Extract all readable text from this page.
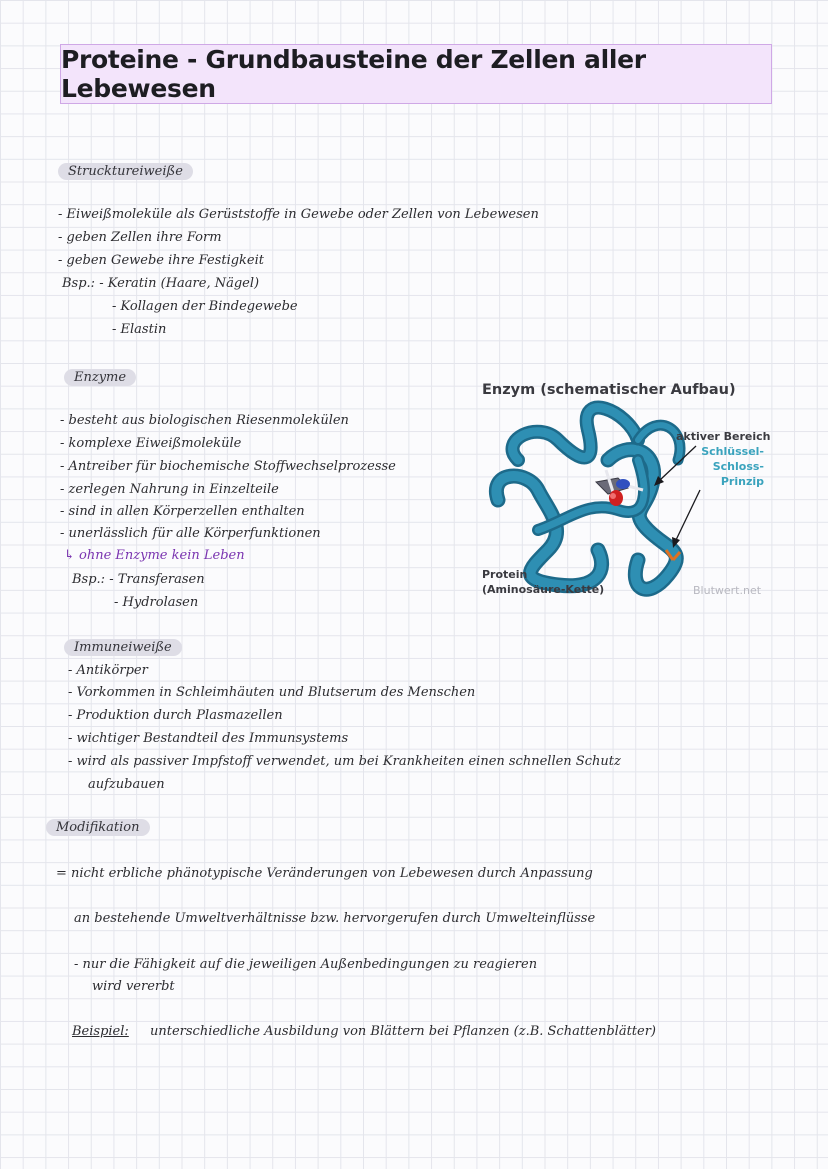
Proteine - Grundbausteine der Zellen aller Lebewesen
Strucktureiweiße
- Eiweißmoleküle als Gerüststoffe in Gewebe oder Zellen von Lebewesen
- geben Zellen ihre Form
- geben Gewebe ihre Festigkeit
Bsp.: - Keratin (Haare, Nägel)
- Kollagen der Bindegewebe
- Elastin
Enzyme
- besteht aus biologischen Riesenmolekülen
- komplexe Eiweißmoleküle
- Antreiber für biochemische Stoffwechselprozesse
- zerlegen Nahrung in Einzelteile
- sind in allen Körperzellen enthalten
- unerlässlich für alle Körperfunktionen
↳ ohne Enzyme kein Leben
Bsp.: - Transferasen
- Hydrolasen
Enzym (schematischer Aufbau)
aktiver Bereich
Schlüssel-
Schloss-
Prinzip
Protein
(Aminosäure-Kette)	Blutwert.net
Immuneiweiße
- Antikörper
- Vorkommen in Schleimhäuten und Blutserum des Menschen
- Produktion durch Plasmazellen
- wichtiger Bestandteil des Immunsystems
- wird als passiver Impfstoff verwendet, um bei Krankheiten einen schnellen Schutz
aufzubauen
Modifikation
= nicht erbliche phänotypische Veränderungen von Lebewesen durch Anpassung
an bestehende Umweltverhältnisse bzw. hervorgerufen durch Umwelteinflüsse
- nur die Fähigkeit auf die jeweiligen Außenbedingungen zu reagieren
wird vererbt
Beispiel: unterschiedliche Ausbildung von Blättern bei Pflanzen (z.B. Schattenblätter)
